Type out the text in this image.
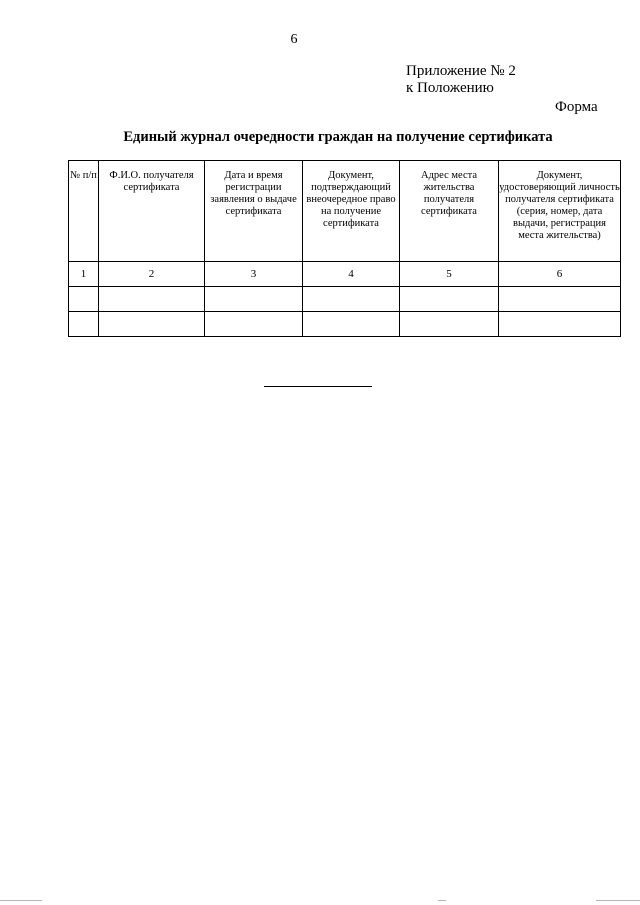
6
Приложение № 2
к Положению
Форма
Единый журнал очередности граждан на получение сертификата
№ п/п	Ф.И.О. получателя сертификата	Дата и время регистрации заявления о выдаче сертификата	Документ, подтверждающий внеочередное право на получение сертификата	Адрес места жительства получателя сертификата	Документ, удостоверяющий личность получателя сертификата (серия, номер, дата выдачи, регистрация места жительства)
1	2	3	4	5	6
